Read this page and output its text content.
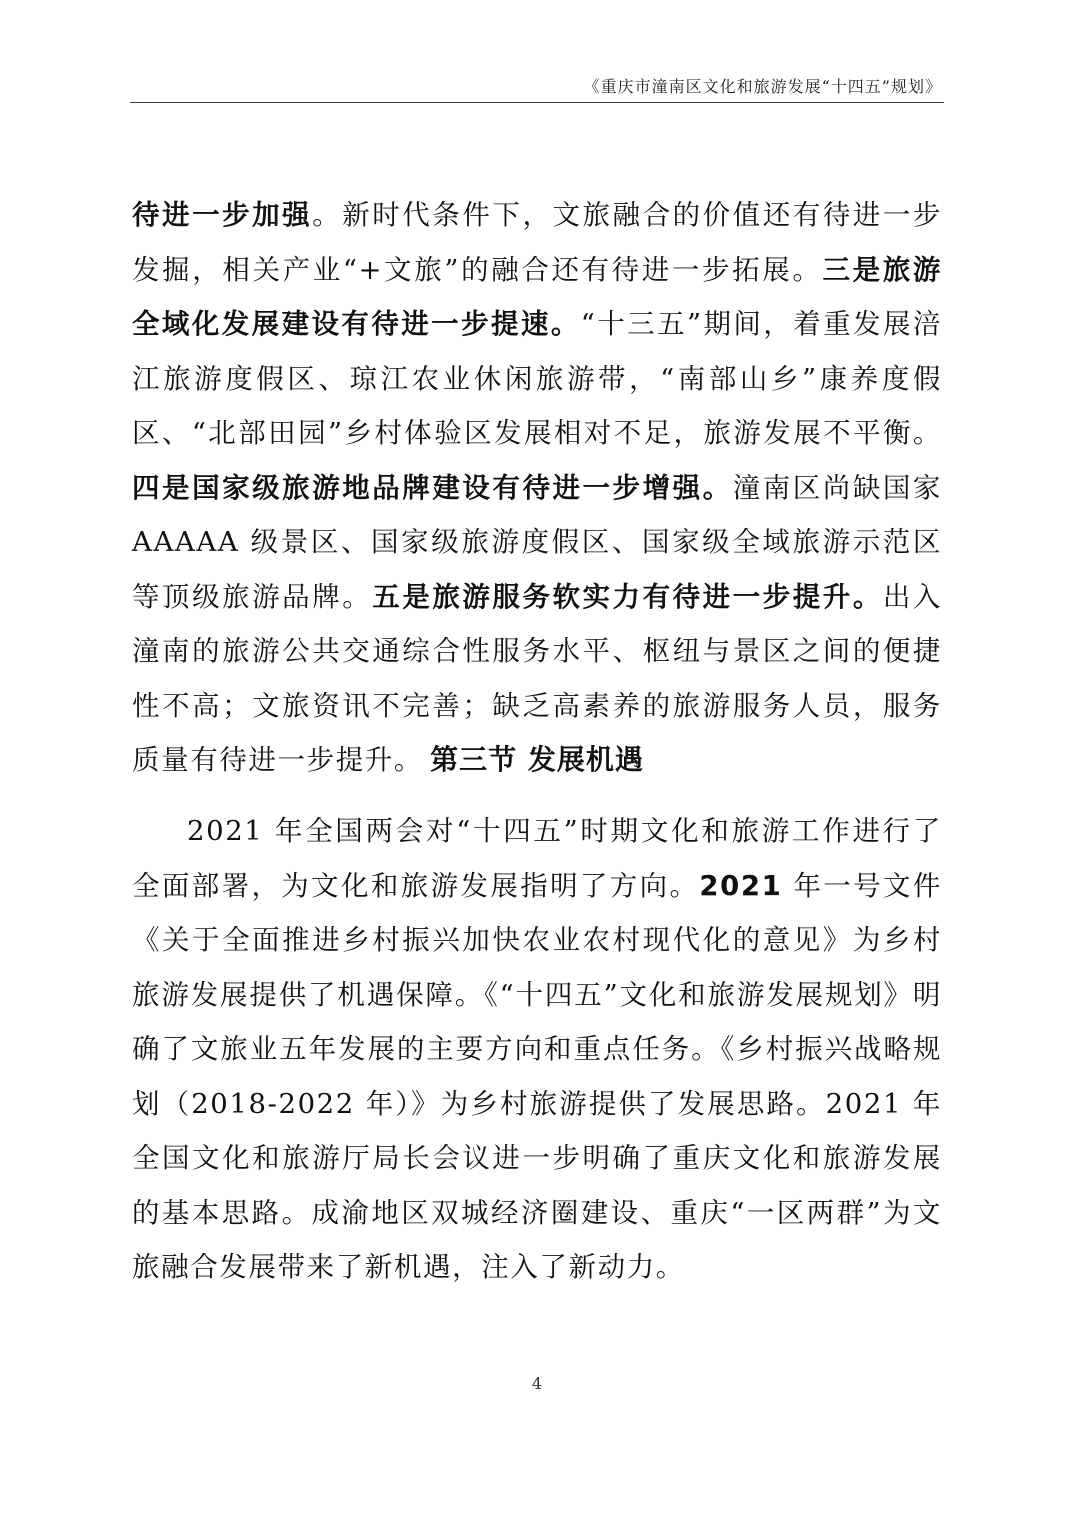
《重庆市潼南区文化和旅游发展“十四五”规划》

待进一步加强。新时代条件下，文旅融合的价值还有待进一步发掘，相关产业“+文旅”的融合还有待进一步拓展。三是旅游全域化发展建设有待进一步提速。“十三五”期间，着重发展涪江旅游度假区、琼江农业休闲旅游带，“南部山乡”康养度假区、“北部田园”乡村体验区发展相对不足，旅游发展不平衡。四是国家级旅游地品牌建设有待进一步增强。潼南区尚缺国家 AAAAA 级景区、国家级旅游度假区、国家级全域旅游示范区等顶级旅游品牌。五是旅游服务软实力有待进一步提升。出入潼南的旅游公共交通综合性服务水平、枢纽与景区之间的便捷性不高；文旅资讯不完善；缺乏高素养的旅游服务人员，服务质量有待进一步提升。 第三节 发展机遇

2021 年全国两会对“十四五”时期文化和旅游工作进行了全面部署，为文化和旅游发展指明了方向。2021 年一号文件《关于全面推进乡村振兴加快农业农村现代化的意见》为乡村旅游发展提供了机遇保障。《“十四五”文化和旅游发展规划》明确了文旅业五年发展的主要方向和重点任务。《乡村振兴战略规划（2018-2022 年）》为乡村旅游提供了发展思路。2021 年全国文化和旅游厅局长会议进一步明确了重庆文化和旅游发展的基本思路。成渝地区双城经济圈建设、重庆“一区两群”为文旅融合发展带来了新机遇，注入了新动力。

4
